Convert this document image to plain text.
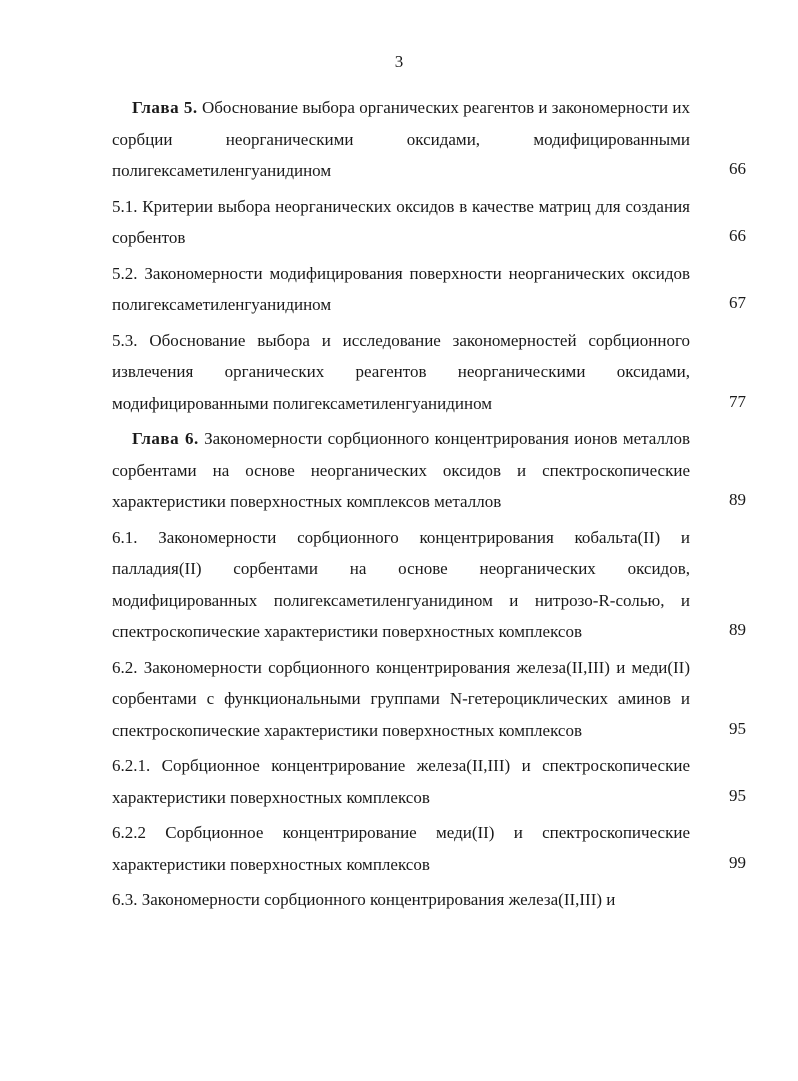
3
Глава 5. Обоснование выбора органических реагентов и закономерности их сорбции неорганическими оксидами, модифицированными полигексаметиленгуанидином	66
5.1. Критерии выбора неорганических оксидов в качестве матриц для создания сорбентов	66
5.2. Закономерности модифицирования поверхности неорганических оксидов полигексаметиленгуанидином	67
5.3. Обоснование выбора и исследование закономерностей сорбционного извлечения органических реагентов неорганическими оксидами, модифицированными полигексаметиленгуанидином	77
Глава 6. Закономерности сорбционного концентрирования ионов металлов сорбентами на основе неорганических оксидов и спектроскопические характеристики поверхностных комплексов металлов	89
6.1. Закономерности сорбционного концентрирования кобальта(II) и палладия(II) сорбентами на основе неорганических оксидов, модифицированных полигексаметиленгуанидином и нитрозо-R-солью, и спектроскопические характеристики поверхностных комплексов	89
6.2. Закономерности сорбционного концентрирования железа(II,III) и меди(II) сорбентами с функциональными группами N-гетероциклических аминов и спектроскопические характеристики поверхностных комплексов	95
6.2.1. Сорбционное концентрирование железа(II,III) и спектроскопические характеристики поверхностных комплексов	95
6.2.2 Сорбционное концентрирование меди(II) и спектроскопические характеристики поверхностных комплексов	99
6.3. Закономерности сорбционного концентрирования железа(II,III) и
